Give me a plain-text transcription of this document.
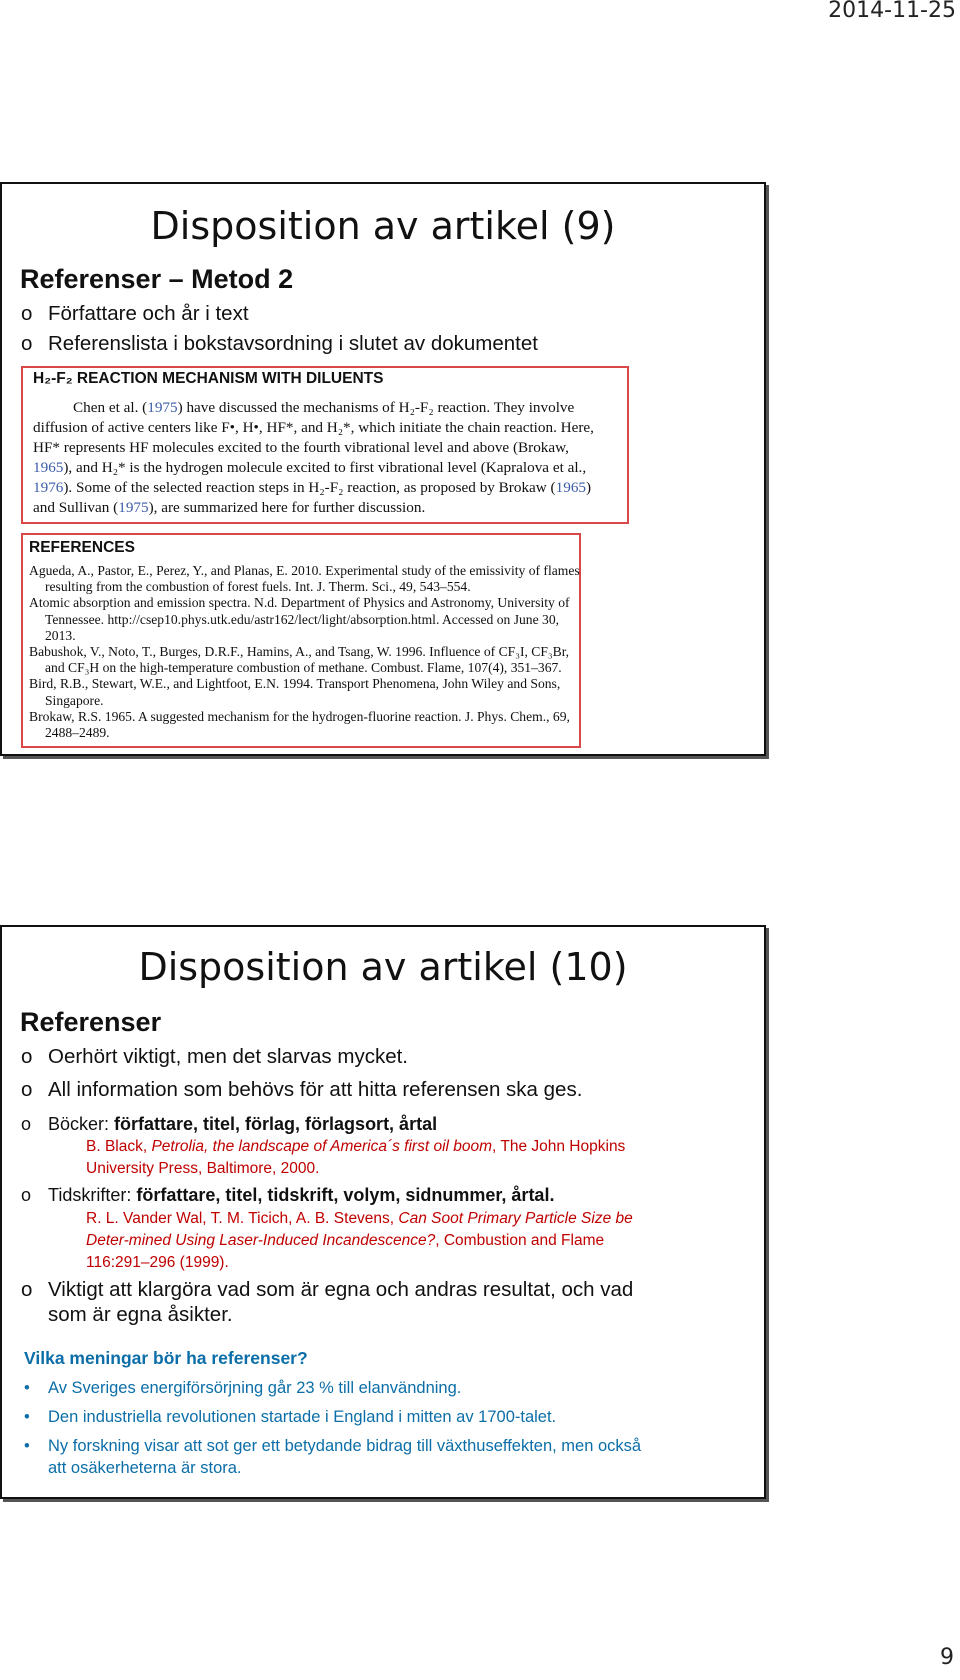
2014-11-25
Disposition av artikel (9)
Referenser – Metod 2
o Författare och år i text
o Referenslista i bokstavsordning i slutet av dokumentet
H₂-F₂ REACTION MECHANISM WITH DILUENTS
Chen et al. (1975) have discussed the mechanisms of H₂-F₂ reaction. They involve
diffusion of active centers like F•, H•, HF*, and H₂*, which initiate the chain reaction. Here,
HF* represents HF molecules excited to the fourth vibrational level and above (Brokaw,
1965), and H₂* is the hydrogen molecule excited to first vibrational level (Kapralova et al.,
1976). Some of the selected reaction steps in H₂-F₂ reaction, as proposed by Brokaw (1965)
and Sullivan (1975), are summarized here for further discussion.
REFERENCES
Agueda, A., Pastor, E., Perez, Y., and Planas, E. 2010. Experimental study of the emissivity of flames resulting from the combustion of forest fuels. Int. J. Therm. Sci., 49, 543–554.
Atomic absorption and emission spectra. N.d. Department of Physics and Astronomy, University of Tennessee. http://csep10.phys.utk.edu/astr162/lect/light/absorption.html. Accessed on June 30, 2013.
Babushok, V., Noto, T., Burges, D.R.F., Hamins, A., and Tsang, W. 1996. Influence of CF₃I, CF₃Br, and CF₃H on the high-temperature combustion of methane. Combust. Flame, 107(4), 351–367.
Bird, R.B., Stewart, W.E., and Lightfoot, E.N. 1994. Transport Phenomena, John Wiley and Sons, Singapore.
Brokaw, R.S. 1965. A suggested mechanism for the hydrogen-fluorine reaction. J. Phys. Chem., 69, 2488–2489.
Disposition av artikel (10)
Referenser
o Oerhört viktigt, men det slarvas mycket.
o All information som behövs för att hitta referensen ska ges.
o Böcker: författare, titel, förlag, förlagsort, årtal
B. Black, Petrolia, the landscape of America´s first oil boom, The John Hopkins
University Press, Baltimore, 2000.
o Tidskrifter: författare, titel, tidskrift, volym, sidnummer, årtal.
R. L. Vander Wal, T. M. Ticich, A. B. Stevens, Can Soot Primary Particle Size be
Deter-mined Using Laser-Induced Incandescence?, Combustion and Flame
116:291–296 (1999).
o Viktigt att klargöra vad som är egna och andras resultat, och vad
som är egna åsikter.
Vilka meningar bör ha referenser?
• Av Sveriges energiförsörjning går 23 % till elanvändning.
• Den industriella revolutionen startade i England i mitten av 1700-talet.
• Ny forskning visar att sot ger ett betydande bidrag till växthuseffekten, men också
att osäkerheterna är stora.
9
